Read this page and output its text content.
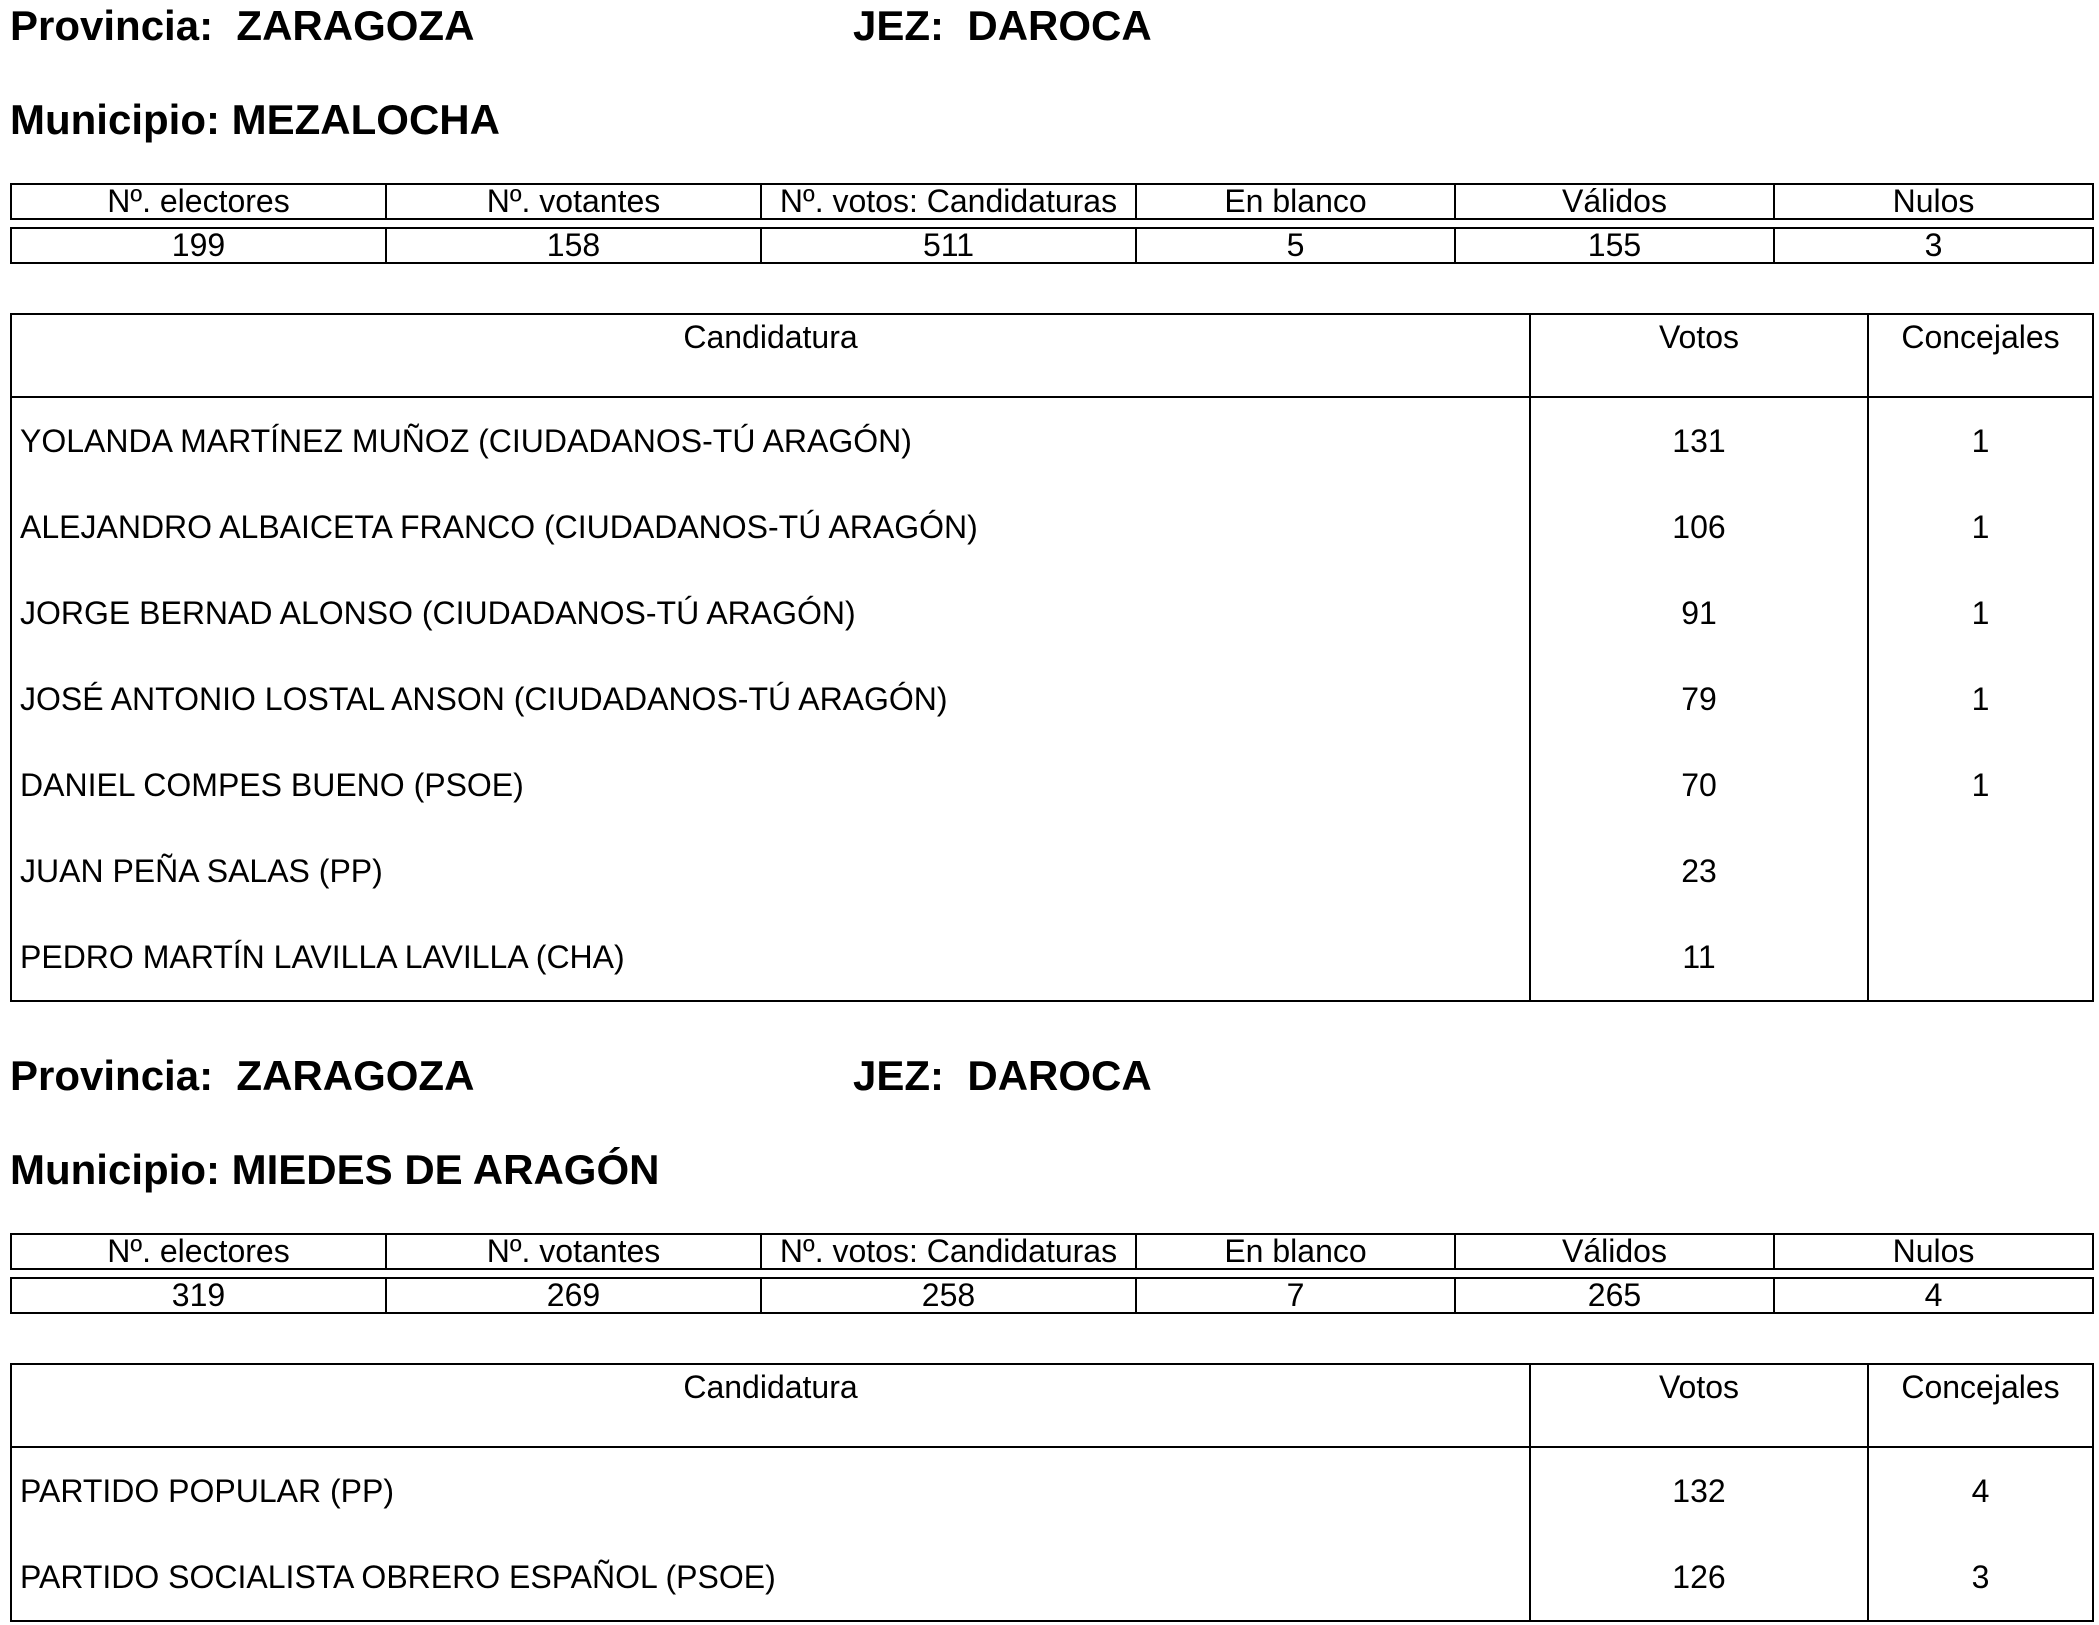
Provincia: ZARAGOZA	JEZ: DAROCA
Municipio: MEZALOCHA
Nº. electores	Nº. votantes	Nº. votos: Candidaturas	En blanco	Válidos	Nulos
199	158	511	5	155	3
Candidatura	Votos	Concejales
YOLANDA MARTÍNEZ MUÑOZ (CIUDADANOS-TÚ ARAGÓN)	131	1
ALEJANDRO ALBAICETA FRANCO (CIUDADANOS-TÚ ARAGÓN)	106	1
JORGE BERNAD ALONSO (CIUDADANOS-TÚ ARAGÓN)	91	1
JOSÉ ANTONIO LOSTAL ANSON (CIUDADANOS-TÚ ARAGÓN)	79	1
DANIEL COMPES BUENO (PSOE)	70	1
JUAN PEÑA SALAS (PP)	23	
PEDRO MARTÍN LAVILLA LAVILLA (CHA)	11	
Provincia: ZARAGOZA	JEZ: DAROCA
Municipio: MIEDES DE ARAGÓN
Nº. electores	Nº. votantes	Nº. votos: Candidaturas	En blanco	Válidos	Nulos
319	269	258	7	265	4
Candidatura	Votos	Concejales
PARTIDO POPULAR (PP)	132	4
PARTIDO SOCIALISTA OBRERO ESPAÑOL (PSOE)	126	3
